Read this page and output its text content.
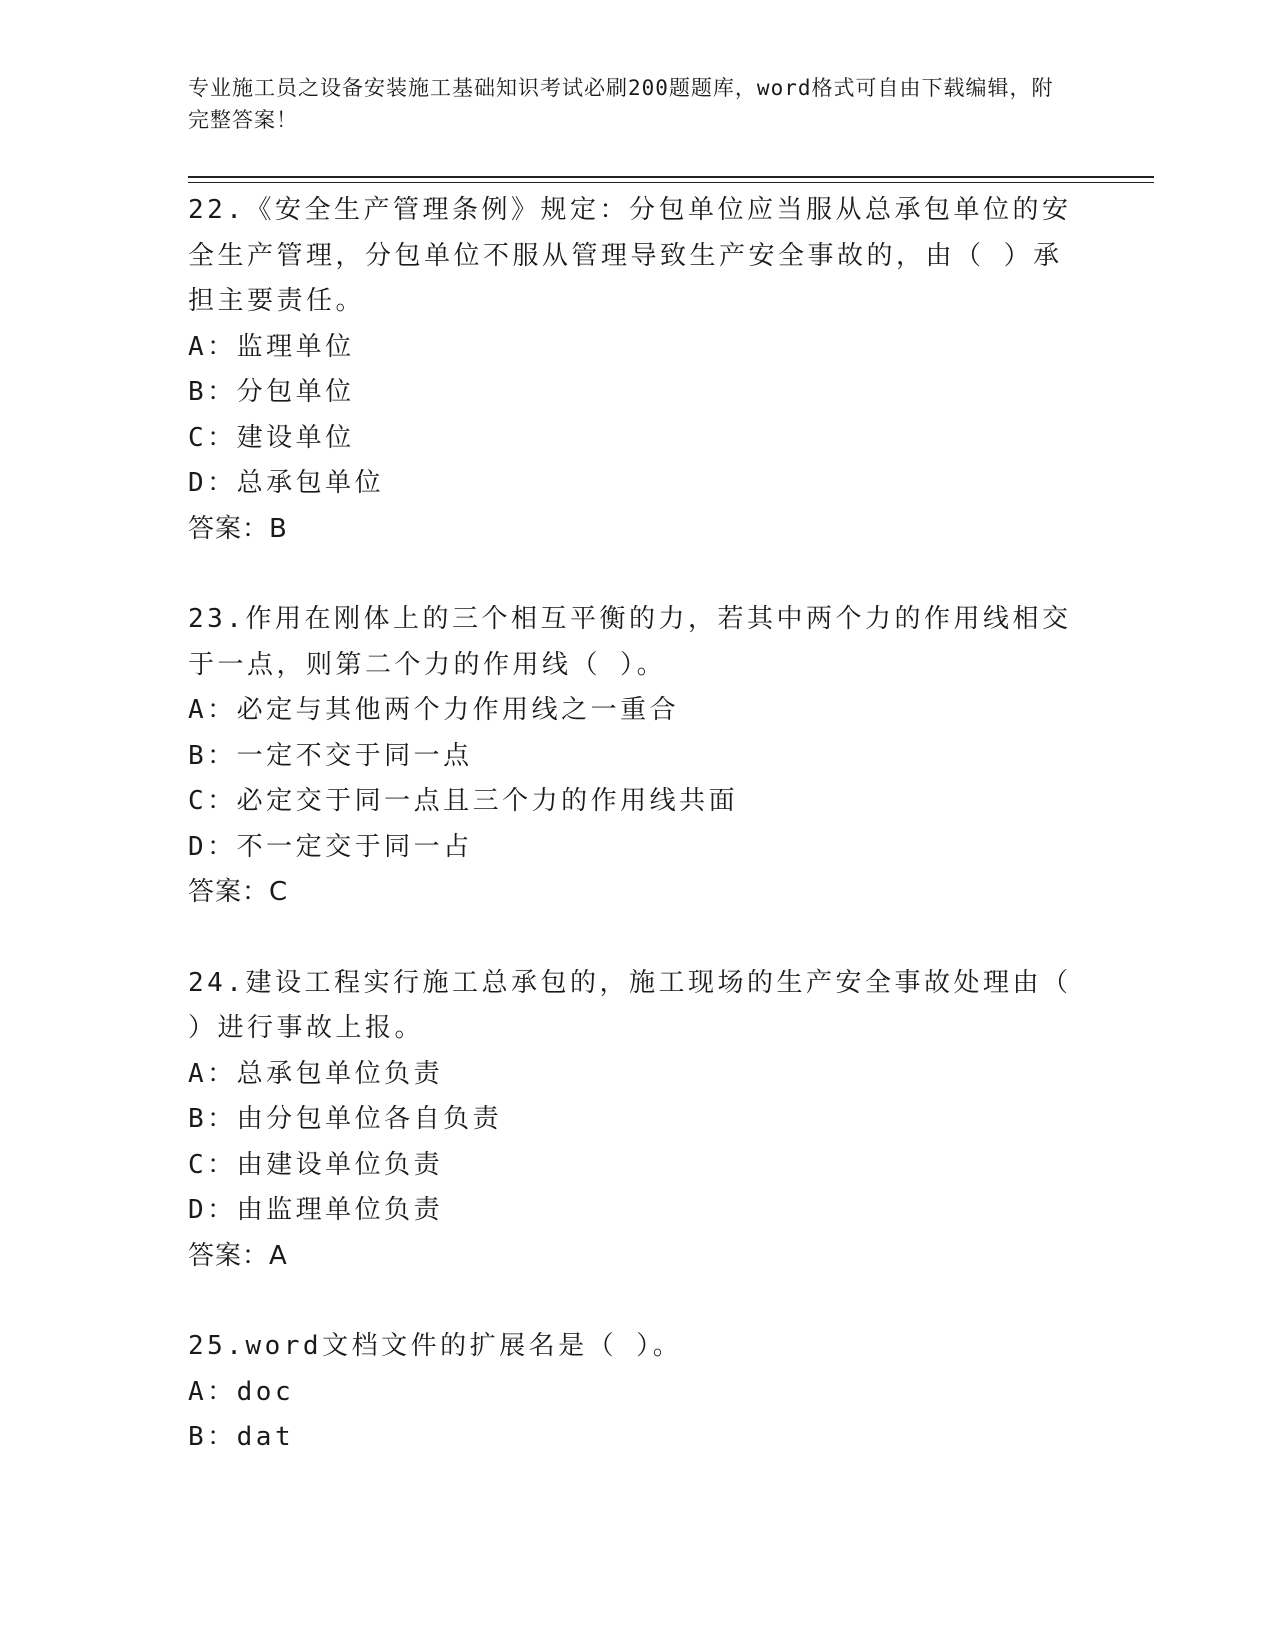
专业施工员之设备安装施工基础知识考试必刷200题题库，word格式可自由下载编辑，附完整答案！
22.《安全生产管理条例》规定：分包单位应当服从总承包单位的安全生产管理，分包单位不服从管理导致生产安全事故的，由（ ）承担主要责任。
A：监理单位
B：分包单位
C：建设单位
D：总承包单位
答案：B
23.作用在刚体上的三个相互平衡的力，若其中两个力的作用线相交于一点，则第二个力的作用线（ ）。
A：必定与其他两个力作用线之一重合
B：一定不交于同一点
C：必定交于同一点且三个力的作用线共面
D：不一定交于同一占
答案：C
24.建设工程实行施工总承包的，施工现场的生产安全事故处理由（ ）进行事故上报。
A：总承包单位负责
B：由分包单位各自负责
C：由建设单位负责
D：由监理单位负责
答案：A
25.word文档文件的扩展名是（ ）。
A：doc
B：dat
